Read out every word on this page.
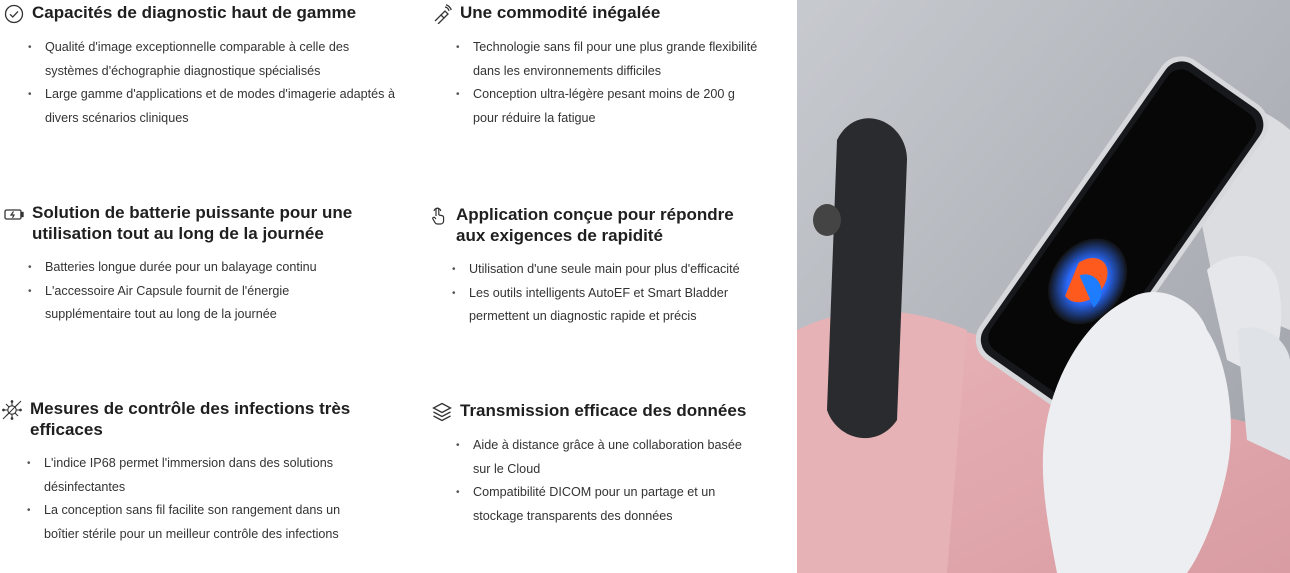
Capacités de diagnostic haut de gamme
• Qualité d'image exceptionnelle comparable à celle des systèmes d'échographie diagnostique spécialisés
• Large gamme d'applications et de modes d'imagerie adaptés à divers scénarios cliniques
Une commodité inégalée
• Technologie sans fil pour une plus grande flexibilité dans les environnements difficiles
• Conception ultra-légère pesant moins de 200 g pour réduire la fatigue
Solution de batterie puissante pour une utilisation tout au long de la journée
• Batteries longue durée pour un balayage continu
• L'accessoire Air Capsule fournit de l'énergie supplémentaire tout au long de la journée
Application conçue pour répondre aux exigences de rapidité
• Utilisation d'une seule main pour plus d'efficacité
• Les outils intelligents AutoEF et Smart Bladder permettent un diagnostic rapide et précis
Mesures de contrôle des infections très efficaces
• L'indice IP68 permet l'immersion dans des solutions désinfectantes
• La conception sans fil facilite son rangement dans un boîtier stérile pour un meilleur contrôle des infections
Transmission efficace des données
• Aide à distance grâce à une collaboration basée sur le Cloud
• Compatibilité DICOM pour un partage et un stockage transparents des données
